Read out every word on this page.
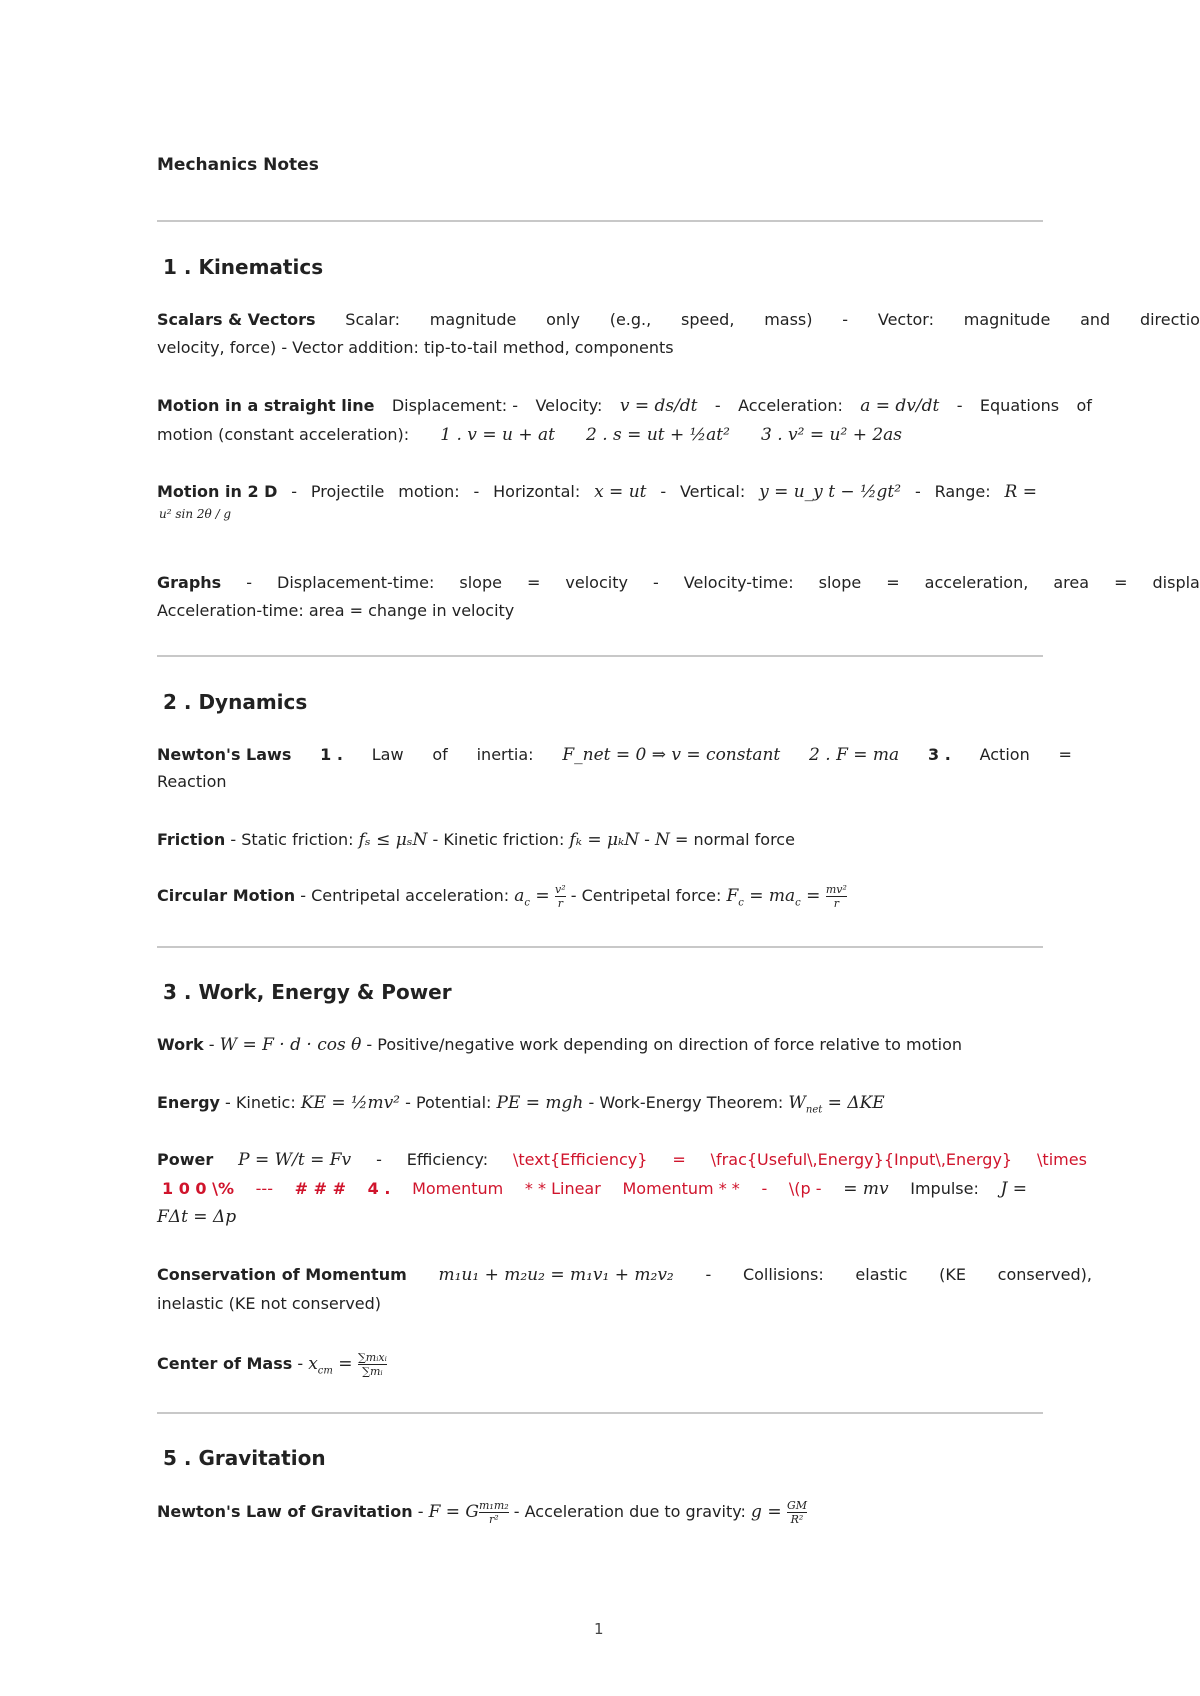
Mechanics Notes
1 . Kinematics
Scalars & Vectors Scalar: magnitude only (e.g., speed, mass) - Vector: magnitude and directio
velocity, force) - Vector addition: tip-to-tail method, components
Motion in a straight line Displacement: - Velocity: v = ds/dt - Acceleration: a = dv/dt - Equations of
motion (constant acceleration): 1 . v = u + at 2 . s = ut + ½at² 3 . v² = u² + 2as
Motion in 2 D - Projectile motion: - Horizontal: x = ut - Vertical: y = u_y t − ½gt² - Range: R =
u² sin 2θ / g
Graphs - Displacement-time: slope = velocity - Velocity-time: slope = acceleration, area = displa
Acceleration-time: area = change in velocity
2 . Dynamics
Newton's Laws 1 . Law of inertia: F_net = 0 ⇒ v = constant 2 . F = ma 3 . Action =
Reaction
Friction - Static friction: fₛ ≤ μₛN - Kinetic friction: fₖ = μₖN - N = normal force
Circular Motion - Centripetal acceleration: $a_c = \frac{\text{v²}}{r}$ - Centripetal force: $F_c = ma_c = \frac{\text{mv²}}{r}$
3 . Work, Energy & Power
Work - W = F · d · cos θ - Positive/negative work depending on direction of force relative to motion
Energy - Kinetic: KE = ½mv² - Potential: PE = mgh - Work-Energy Theorem: $W_{net} = \Delta KE$
Power P = W/t = Fv - Efficiency: \text{Efficiency} = \frac{Useful\,Energy}{Input\,Energy} \times
1 0 0 \% --- # # # 4 . Momentum * * Linear Momentum * * - \(p - = mv Impulse: J =
FΔt = Δp
Conservation of Momentum m₁u₁ + m₂u₂ = m₁v₁ + m₂v₂ - Collisions: elastic (KE conserved),
inelastic (KE not conserved)
Center of Mass - $x_{cm} = \frac{\text{∑mᵢxᵢ}}{\text{∑mᵢ}}$
5 . Gravitation
Newton's Law of Gravitation - F = G $\frac{\text{m₁m₂}}{\text{r²}}$ - Acceleration due to gravity: $g = \frac{GM}{\text{R²}}$
1
